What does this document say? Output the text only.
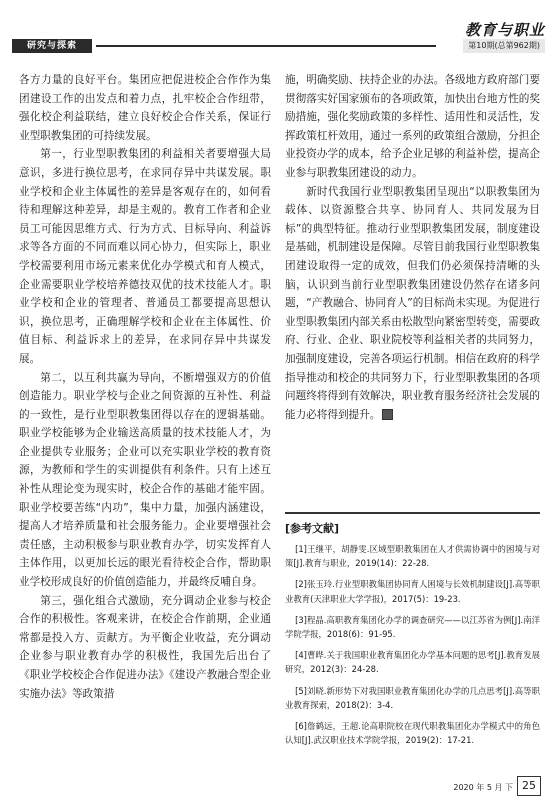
研究与探索
教育与职业
第10期(总第962期)

各方力量的良好平台。集团应把促进校企合作作为集团建设工作的出发点和着力点，扎牢校企合作纽带，强化校企利益联结，建立良好校企合作关系，保证行业型职教集团的可持续发展。

第一，行业型职教集团的利益相关者要增强大局意识，多进行换位思考，在求同存异中共谋发展。职业学校和企业主体属性的差异是客观存在的，如何看待和理解这种差异，却是主观的。教育工作者和企业员工可能因思维方式、行为方式、目标导向、利益诉求等各方面的不同而难以同心协力，但实际上，职业学校需要利用市场元素来优化办学模式和育人模式，企业需要职业学校培养德技双优的技术技能人才。职业学校和企业的管理者、普通员工都要提高思想认识，换位思考，正确理解学校和企业在主体属性、价值目标、利益诉求上的差异，在求同存异中共谋发展。

第二，以互利共赢为导向，不断增强双方的价值创造能力。职业学校与企业之间资源的互补性、利益的一致性，是行业型职教集团得以存在的逻辑基础。职业学校能够为企业输送高质量的技术技能人才，为企业提供专业服务；企业可以充实职业学校的教育资源，为教师和学生的实训提供有利条件。只有上述互补性从理论变为现实时，校企合作的基础才能牢固。职业学校要苦练“内功”，集中力量，加强内涵建设，提高人才培养质量和社会服务能力。企业要增强社会责任感，主动积极参与职业教育办学，切实发挥育人主体作用，以更加长远的眼光看待校企合作，帮助职业学校形成良好的价值创造能力，并最终反哺自身。

第三，强化组合式激励，充分调动企业参与校企合作的积极性。客观来讲，在校企合作前期，企业通常都是投入方、贡献方。为平衡企业收益，充分调动企业参与职业教育办学的积极性，我国先后出台了《职业学校校企合作促进办法》《建设产教融合型企业实施办法》等政策措

施，明确奖励、扶持企业的办法。各级地方政府部门要贯彻落实好国家颁布的各项政策，加快出台地方性的奖励措施，强化奖励政策的多样性、适用性和灵活性，发挥政策杠杆效用，通过一系列的政策组合激励，分担企业投资办学的成本，给予企业足够的利益补偿，提高企业参与职教集团建设的动力。

新时代我国行业型职教集团呈现出“以职教集团为载体、以资源整合共享、协同育人、共同发展为目标”的典型特征。推动行业型职教集团发展，制度建设是基础，机制建设是保障。尽管目前我国行业型职教集团建设取得一定的成效，但我们仍必须保持清晰的头脑，认识到当前行业型职教集团建设仍然存在诸多问题，“产教融合、协同育人”的目标尚未实现。为促进行业型职教集团内部关系由松散型向紧密型转变，需要政府、行业、企业、职业院校等利益相关者的共同努力，加强制度建设，完善各项运行机制。相信在政府的科学指导推动和校企的共同努力下，行业型职教集团的各项问题终将得到有效解决，职业教育服务经济社会发展的能力必将得到提升。

[参考文献]

[1]王继平，胡静雯.区域型职教集团在人才供需协调中的困境与对策[J].教育与职业，2019(14)：22-28.

[2]张玉玲.行业型职教集团协同育人困境与长效机制建设[J].高等职业教育(天津职业大学学报)，2017(5)：19-23.

[3]程晶.高职教育集团化办学的调查研究——以江苏省为例[J].南洋学院学报，2018(6)：91-95.

[4]曹晔.关于我国职业教育集团化办学基本问题的思考[J].教育发展研究，2012(3)：24-28.

[5]刘晓.新形势下对我国职业教育集团化办学的几点思考[J].高等职业教育探索，2018(2)：3-4.

[6]詹鹤远，王超.论高职院校在现代职教集团化办学模式中的角色认知[J].武汉职业技术学院学报，2019(2)：17-21.

2020 年 5 月 下 25
